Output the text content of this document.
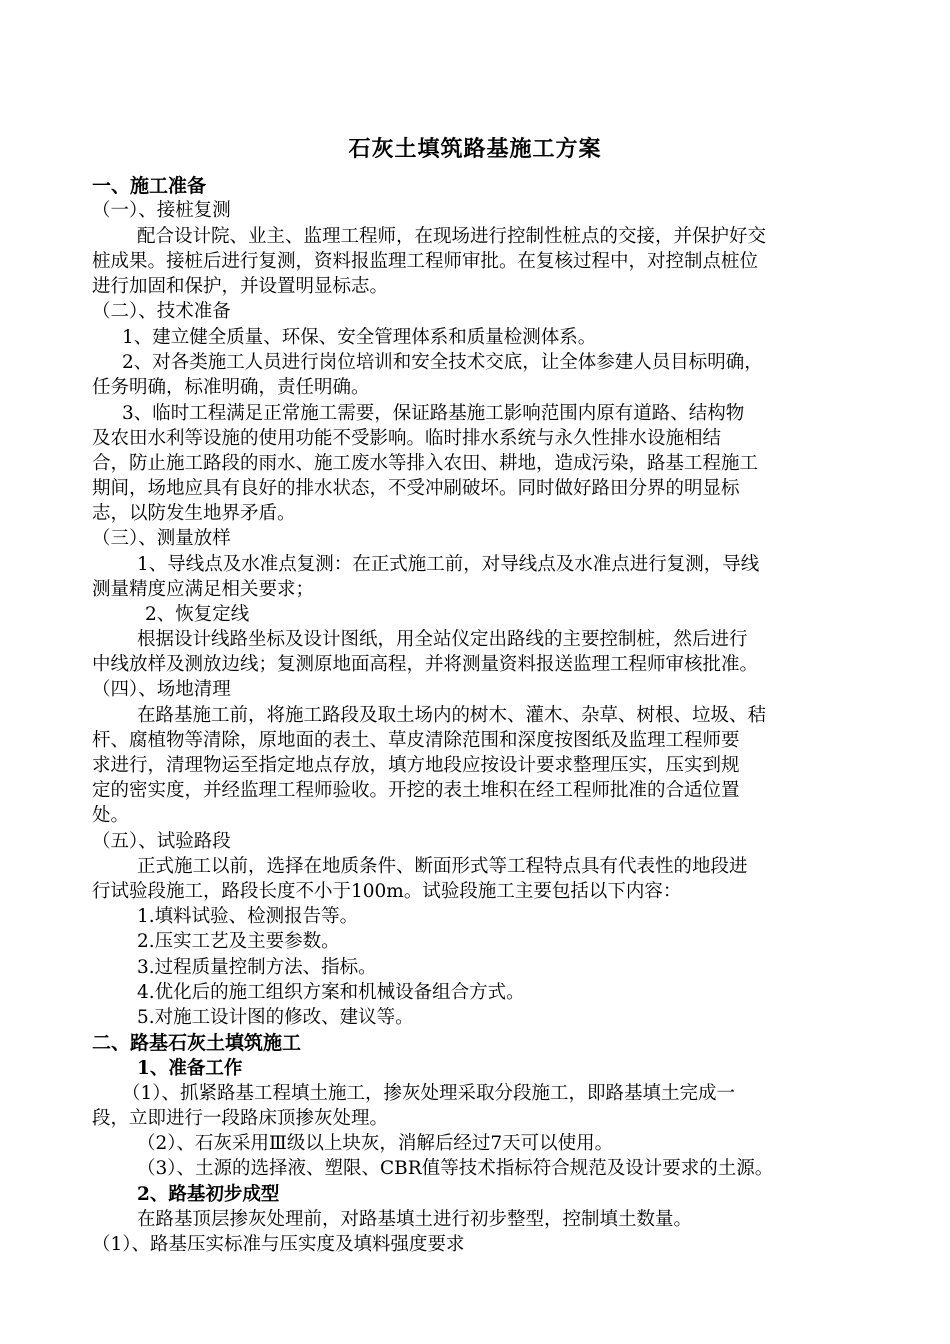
石灰土填筑路基施工方案
一、施工准备
（一）、接桩复测
配合设计院、业主、监理工程师，在现场进行控制性桩点的交接，并保护好交
桩成果。接桩后进行复测，资料报监理工程师审批。在复核过程中，对控制点桩位
进行加固和保护，并设置明显标志。
（二）、技术准备
1、建立健全质量、环保、安全管理体系和质量检测体系。
2、对各类施工人员进行岗位培训和安全技术交底，让全体参建人员目标明确，
任务明确，标准明确，责任明确。
3、临时工程满足正常施工需要，保证路基施工影响范围内原有道路、结构物
及农田水利等设施的使用功能不受影响。临时排水系统与永久性排水设施相结
合，防止施工路段的雨水、施工废水等排入农田、耕地，造成污染，路基工程施工
期间，场地应具有良好的排水状态，不受冲刷破坏。同时做好路田分界的明显标
志，以防发生地界矛盾。
（三）、测量放样
1、导线点及水准点复测：在正式施工前，对导线点及水准点进行复测，导线
测量精度应满足相关要求；
2、恢复定线
根据设计线路坐标及设计图纸，用全站仪定出路线的主要控制桩，然后进行
中线放样及测放边线；复测原地面高程，并将测量资料报送监理工程师审核批准。
（四）、场地清理
在路基施工前，将施工路段及取土场内的树木、灌木、杂草、树根、垃圾、秸
杆、腐植物等清除，原地面的表土、草皮清除范围和深度按图纸及监理工程师要
求进行，清理物运至指定地点存放，填方地段应按设计要求整理压实，压实到规
定的密实度，并经监理工程师验收。开挖的表土堆积在经工程师批准的合适位置
处。
（五）、试验路段
正式施工以前，选择在地质条件、断面形式等工程特点具有代表性的地段进
行试验段施工，路段长度不小于100m。试验段施工主要包括以下内容：
1.填料试验、检测报告等。
2.压实工艺及主要参数。
3.过程质量控制方法、指标。
4.优化后的施工组织方案和机械设备组合方式。
5.对施工设计图的修改、建议等。
二、路基石灰土填筑施工
1、准备工作
（1）、抓紧路基工程填土施工，掺灰处理采取分段施工，即路基填土完成一
段，立即进行一段路床顶掺灰处理。
（2）、石灰采用Ⅲ级以上块灰，消解后经过7天可以使用。
（3）、土源的选择液、塑限、CBR值等技术指标符合规范及设计要求的土源。
2、路基初步成型
在路基顶层掺灰处理前，对路基填土进行初步整型，控制填土数量。
（1）、路基压实标准与压实度及填料强度要求
